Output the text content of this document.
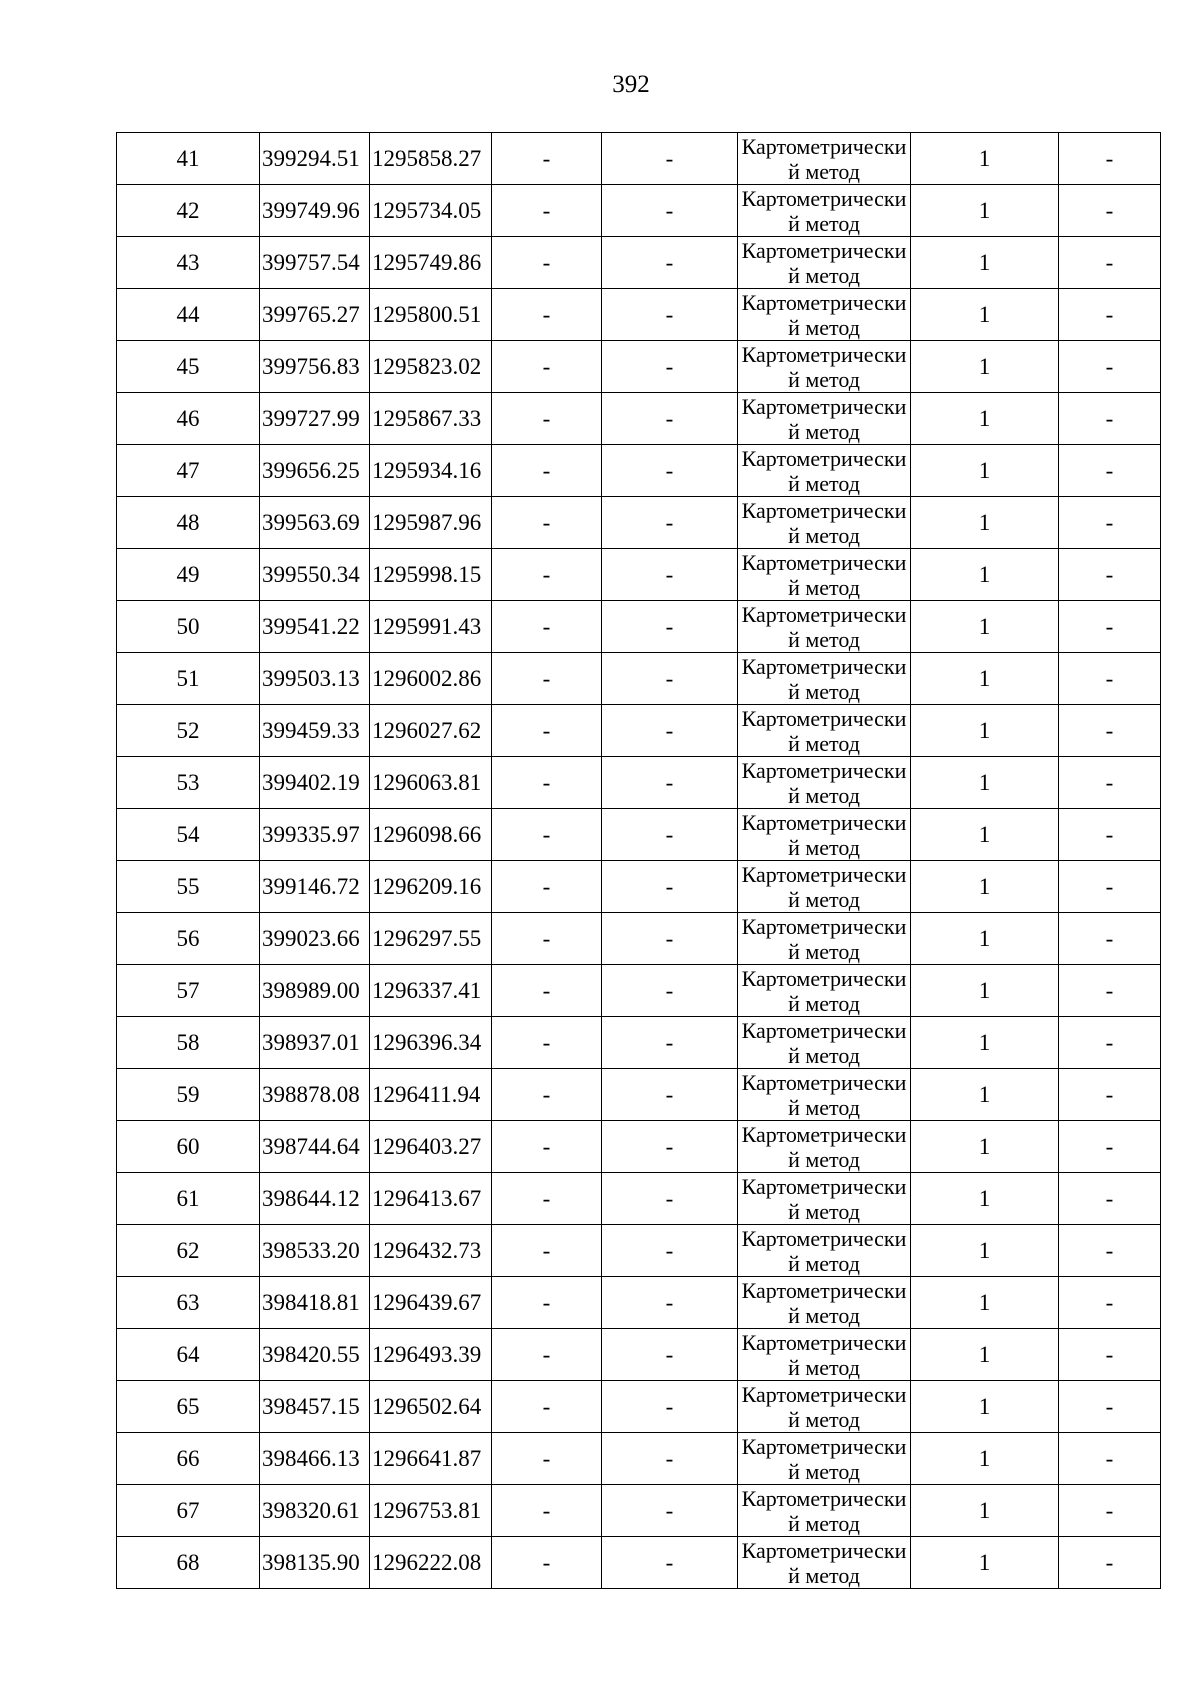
392
41	399294.51	1295858.27	-	-	Картометрический метод	1	-
42	399749.96	1295734.05	-	-	Картометрический метод	1	-
43	399757.54	1295749.86	-	-	Картометрический метод	1	-
44	399765.27	1295800.51	-	-	Картометрический метод	1	-
45	399756.83	1295823.02	-	-	Картометрический метод	1	-
46	399727.99	1295867.33	-	-	Картометрический метод	1	-
47	399656.25	1295934.16	-	-	Картометрический метод	1	-
48	399563.69	1295987.96	-	-	Картометрический метод	1	-
49	399550.34	1295998.15	-	-	Картометрический метод	1	-
50	399541.22	1295991.43	-	-	Картометрический метод	1	-
51	399503.13	1296002.86	-	-	Картометрический метод	1	-
52	399459.33	1296027.62	-	-	Картометрический метод	1	-
53	399402.19	1296063.81	-	-	Картометрический метод	1	-
54	399335.97	1296098.66	-	-	Картометрический метод	1	-
55	399146.72	1296209.16	-	-	Картометрический метод	1	-
56	399023.66	1296297.55	-	-	Картометрический метод	1	-
57	398989.00	1296337.41	-	-	Картометрический метод	1	-
58	398937.01	1296396.34	-	-	Картометрический метод	1	-
59	398878.08	1296411.94	-	-	Картометрический метод	1	-
60	398744.64	1296403.27	-	-	Картометрический метод	1	-
61	398644.12	1296413.67	-	-	Картометрический метод	1	-
62	398533.20	1296432.73	-	-	Картометрический метод	1	-
63	398418.81	1296439.67	-	-	Картометрический метод	1	-
64	398420.55	1296493.39	-	-	Картометрический метод	1	-
65	398457.15	1296502.64	-	-	Картометрический метод	1	-
66	398466.13	1296641.87	-	-	Картометрический метод	1	-
67	398320.61	1296753.81	-	-	Картометрический метод	1	-
68	398135.90	1296222.08	-	-	Картометрический метод	1	-
